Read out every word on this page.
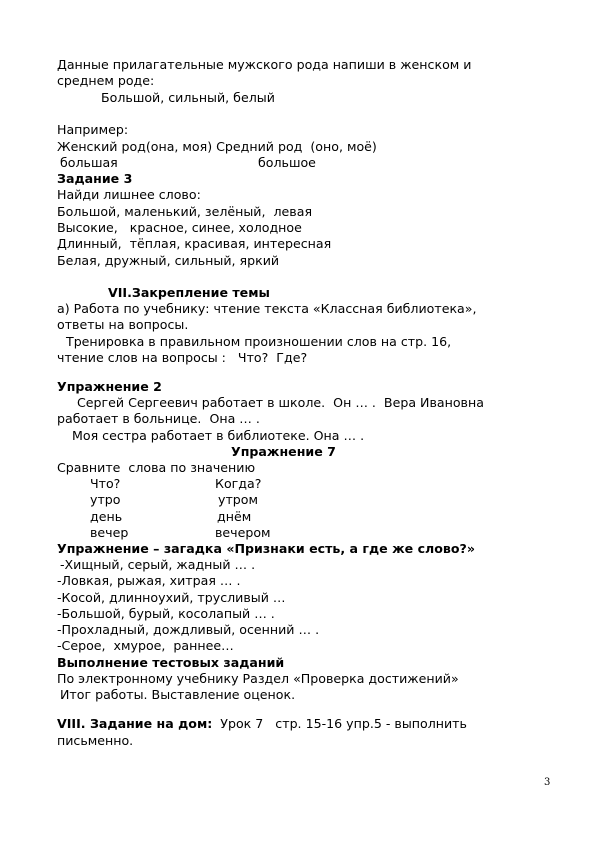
Данные прилагательные мужского рода напиши в женском и
среднем роде:
Большой, сильный, белый
Например:
Женский род(она, моя) Средний род  (оно, моё)
большая	большое
Задание 3
Найди лишнее слово:
Большой, маленький, зелёный,  левая
Высокие,   красное, синее, холодное
Длинный,  тёплая, красивая, интересная
Белая, дружный, сильный, яркий
VII.Закрепление темы
а) Работа по учебнику: чтение текста «Классная библиотека»,
ответы на вопросы.
Тренировка в правильном произношении слов на стр. 16,
чтение слов на вопросы :   Что?  Где?
Упражнение 2
Сергей Сергеевич работает в школе.  Он … .  Вера Ивановна
работает в больнице.  Она … .
Моя сестра работает в библиотеке. Она … .
Упражнение 7
Сравните  слова по значению
Что?	Когда?
утро	утром
день	днём
вечер	вечером
Упражнение – загадка «Признаки есть, а где же слово?»
-Хищный, серый, жадный … .
-Ловкая, рыжая, хитрая … .
-Косой, длинноухий, трусливый …
-Большой, бурый, косолапый … .
-Прохладный, дождливый, осенний … .
-Серое,  хмурое,  раннее…
Выполнение тестовых заданий
По электронному учебнику Раздел «Проверка достижений»
Итог работы. Выставление оценок.
VIII. Задание на дом: Урок 7   стр. 15-16 упр.5 - выполнить
письменно.
3
